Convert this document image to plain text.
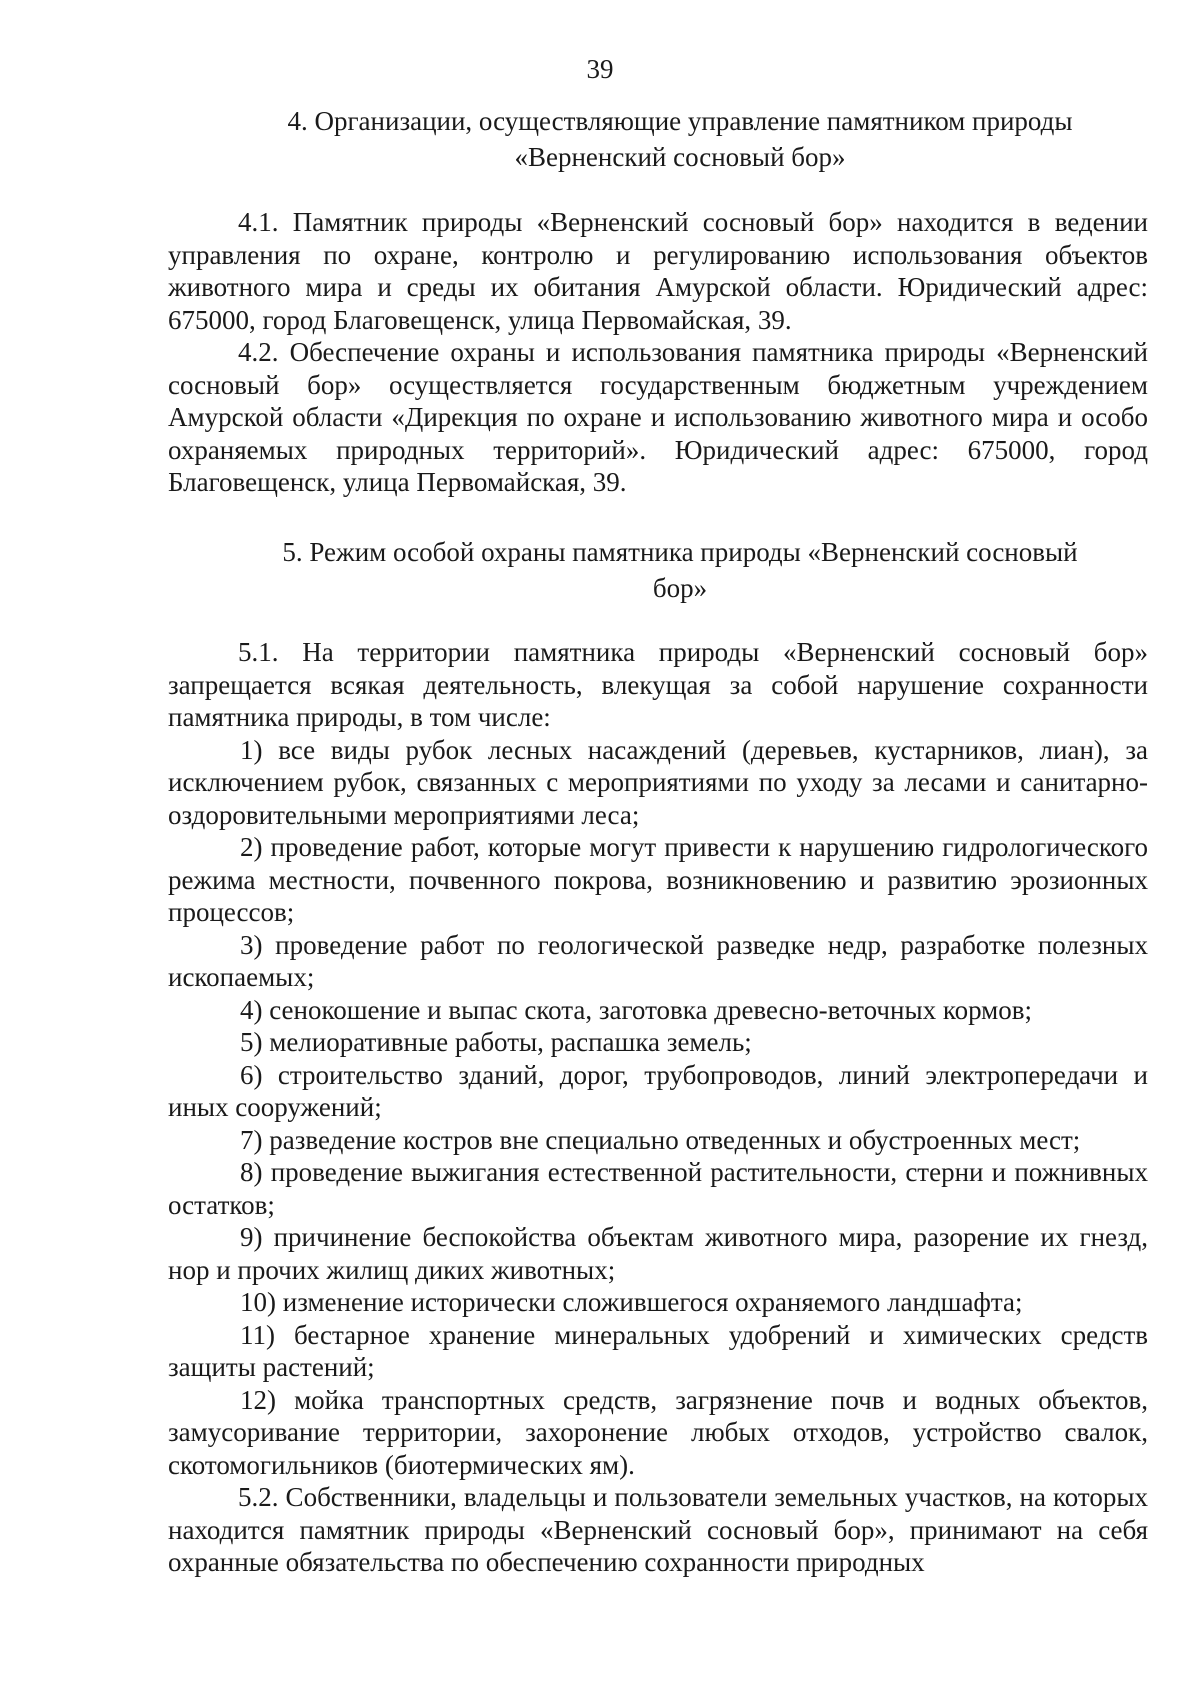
39
4. Организации, осуществляющие управление памятником природы
«Верненский сосновый бор»

4.1. Памятник природы «Верненский сосновый бор» находится в ведении управления по охране, контролю и регулированию использования объектов животного мира и среды их обитания Амурской области. Юридический адрес: 675000, город Благовещенск, улица Первомайская, 39.

4.2. Обеспечение охраны и использования памятника природы «Верненский сосновый бор» осуществляется государственным бюджетным учреждением Амурской области «Дирекция по охране и использованию животного мира и особо охраняемых природных территорий». Юридический адрес: 675000, город Благовещенск, улица Первомайская, 39.

5. Режим особой охраны памятника природы «Верненский сосновый
бор»

5.1. На территории памятника природы «Верненский сосновый бор» запрещается всякая деятельность, влекущая за собой нарушение сохранности памятника природы, в том числе:

1) все виды рубок лесных насаждений (деревьев, кустарников, лиан), за исключением рубок, связанных с мероприятиями по уходу за лесами и санитарно-оздоровительными мероприятиями леса;

2) проведение работ, которые могут привести к нарушению гидрологического режима местности, почвенного покрова, возникновению и развитию эрозионных процессов;

3) проведение работ по геологической разведке недр, разработке полезных ископаемых;

4) сенокошение и выпас скота, заготовка древесно-веточных кормов;

5) мелиоративные работы, распашка земель;

6) строительство зданий, дорог, трубопроводов, линий электропередачи и иных сооружений;

7) разведение костров вне специально отведенных и обустроенных мест;

8) проведение выжигания естественной растительности, стерни и пожнивных остатков;

9) причинение беспокойства объектам животного мира, разорение их гнезд, нор и прочих жилищ диких животных;

10) изменение исторически сложившегося охраняемого ландшафта;

11) бестарное хранение минеральных удобрений и химических средств защиты растений;

12) мойка транспортных средств, загрязнение почв и водных объектов, замусоривание территории, захоронение любых отходов, устройство свалок, скотомогильников (биотермических ям).

5.2. Собственники, владельцы и пользователи земельных участков, на которых находится памятник природы «Верненский сосновый бор», принимают на себя охранные обязательства по обеспечению сохранности природных
